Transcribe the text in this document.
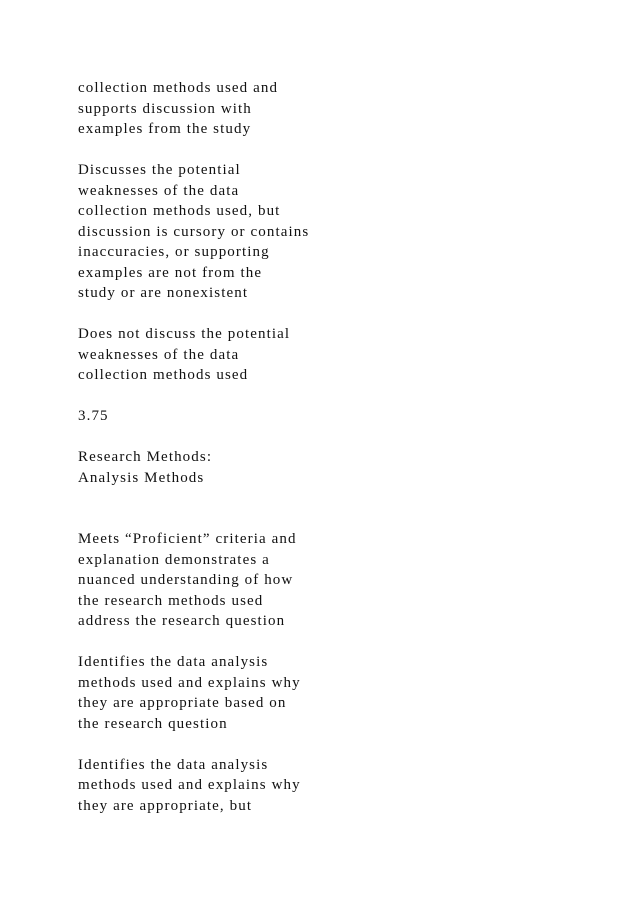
collection methods used and
supports discussion with
examples from the study

Discusses the potential
weaknesses of the data
collection methods used, but
discussion is cursory or contains
inaccuracies, or supporting
examples are not from the
study or are nonexistent

Does not discuss the potential
weaknesses of the data
collection methods used

3.75

Research Methods:
Analysis Methods

Meets “Proficient” criteria and
explanation demonstrates a
nuanced understanding of how
the research methods used
address the research question

Identifies the data analysis
methods used and explains why
they are appropriate based on
the research question

Identifies the data analysis
methods used and explains why
they are appropriate, but
